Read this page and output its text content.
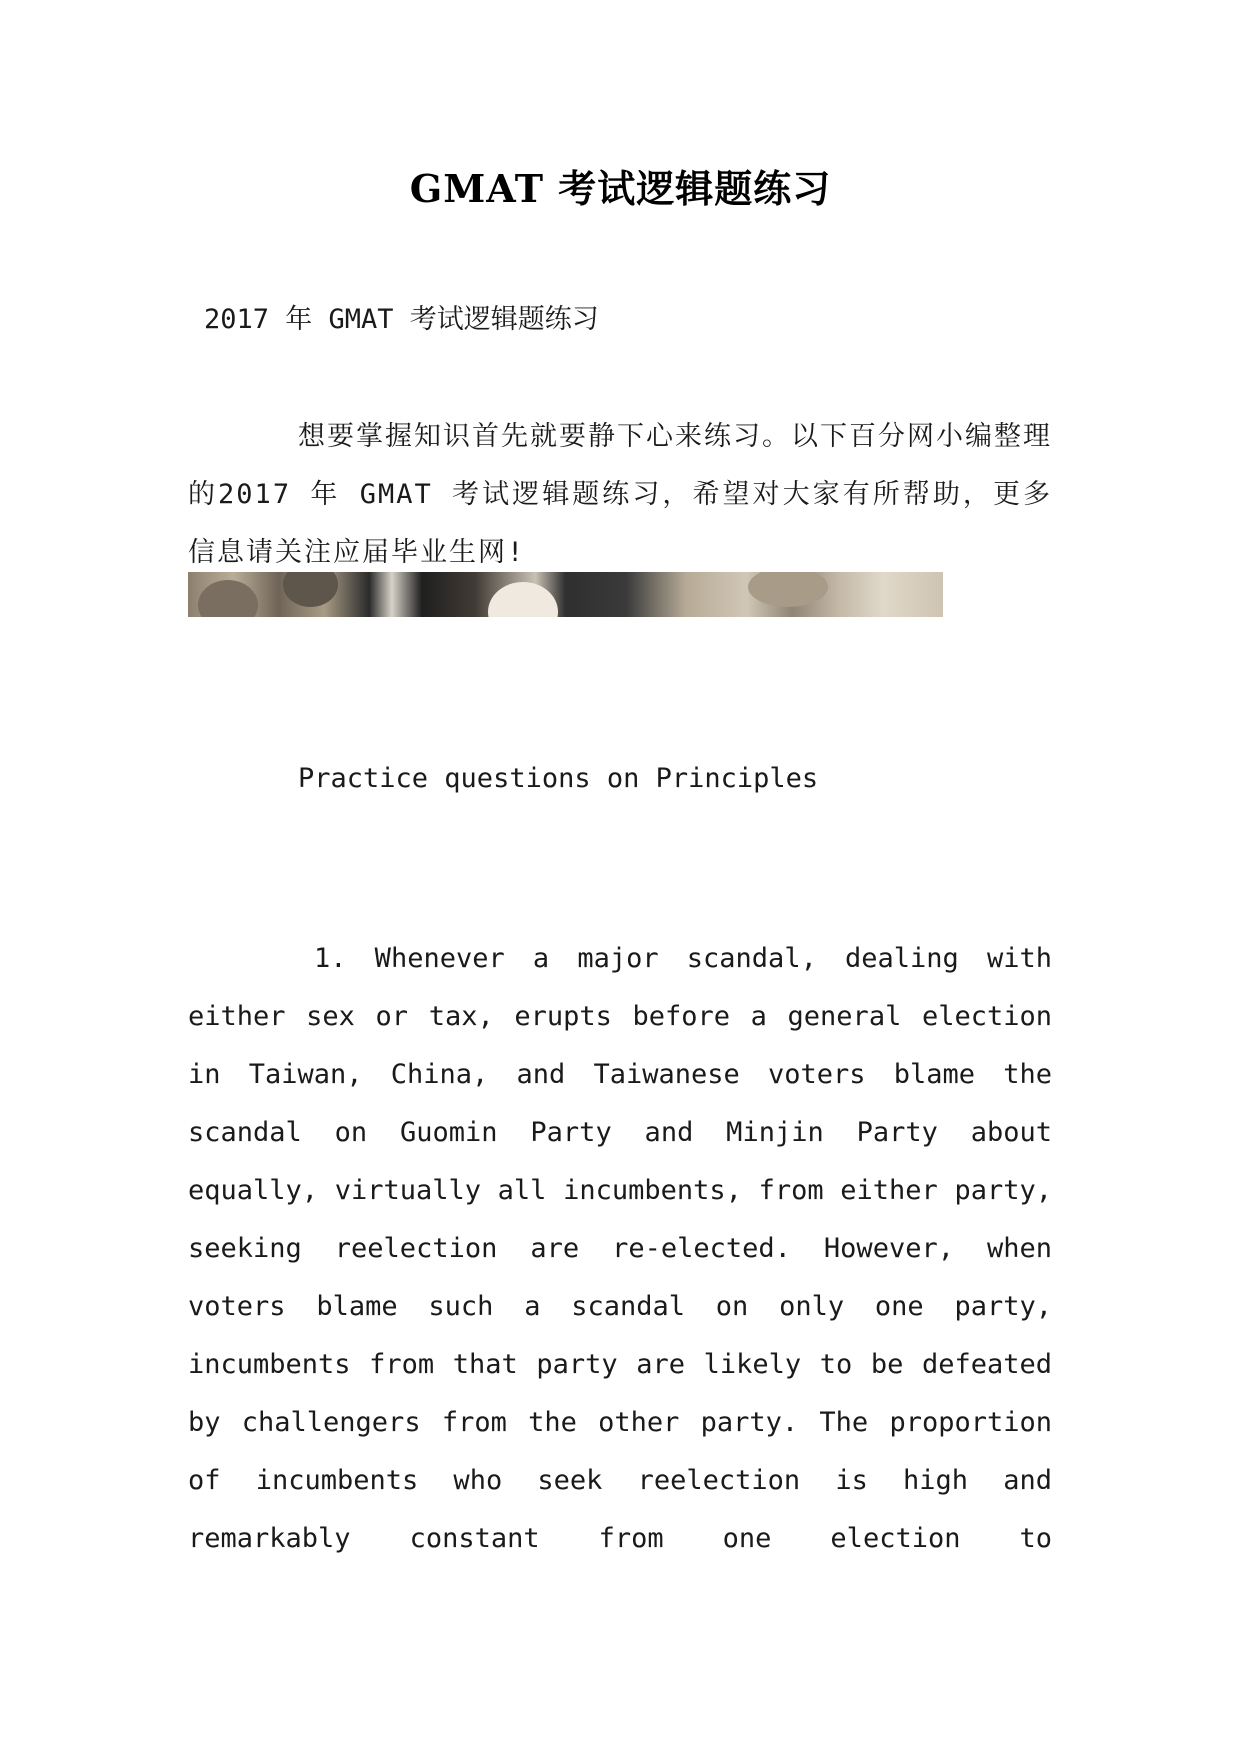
GMAT 考试逻辑题练习

2017 年 GMAT 考试逻辑题练习

想要掌握知识首先就要静下心来练习。以下百分网小编整理的2017 年 GMAT 考试逻辑题练习，希望对大家有所帮助，更多信息请关注应届毕业生网!

Practice questions on Principles

1. Whenever a major scandal, dealing with either sex or tax, erupts before a general election in Taiwan, China, and Taiwanese voters blame the scandal on Guomin Party and Minjin Party about equally, virtually all incumbents, from either party, seeking reelection are re-elected. However, when voters blame such a scandal on only one party, incumbents from that party are likely to be defeated by challengers from the other party. The proportion of incumbents who seek reelection is high and remarkably constant from one election to
